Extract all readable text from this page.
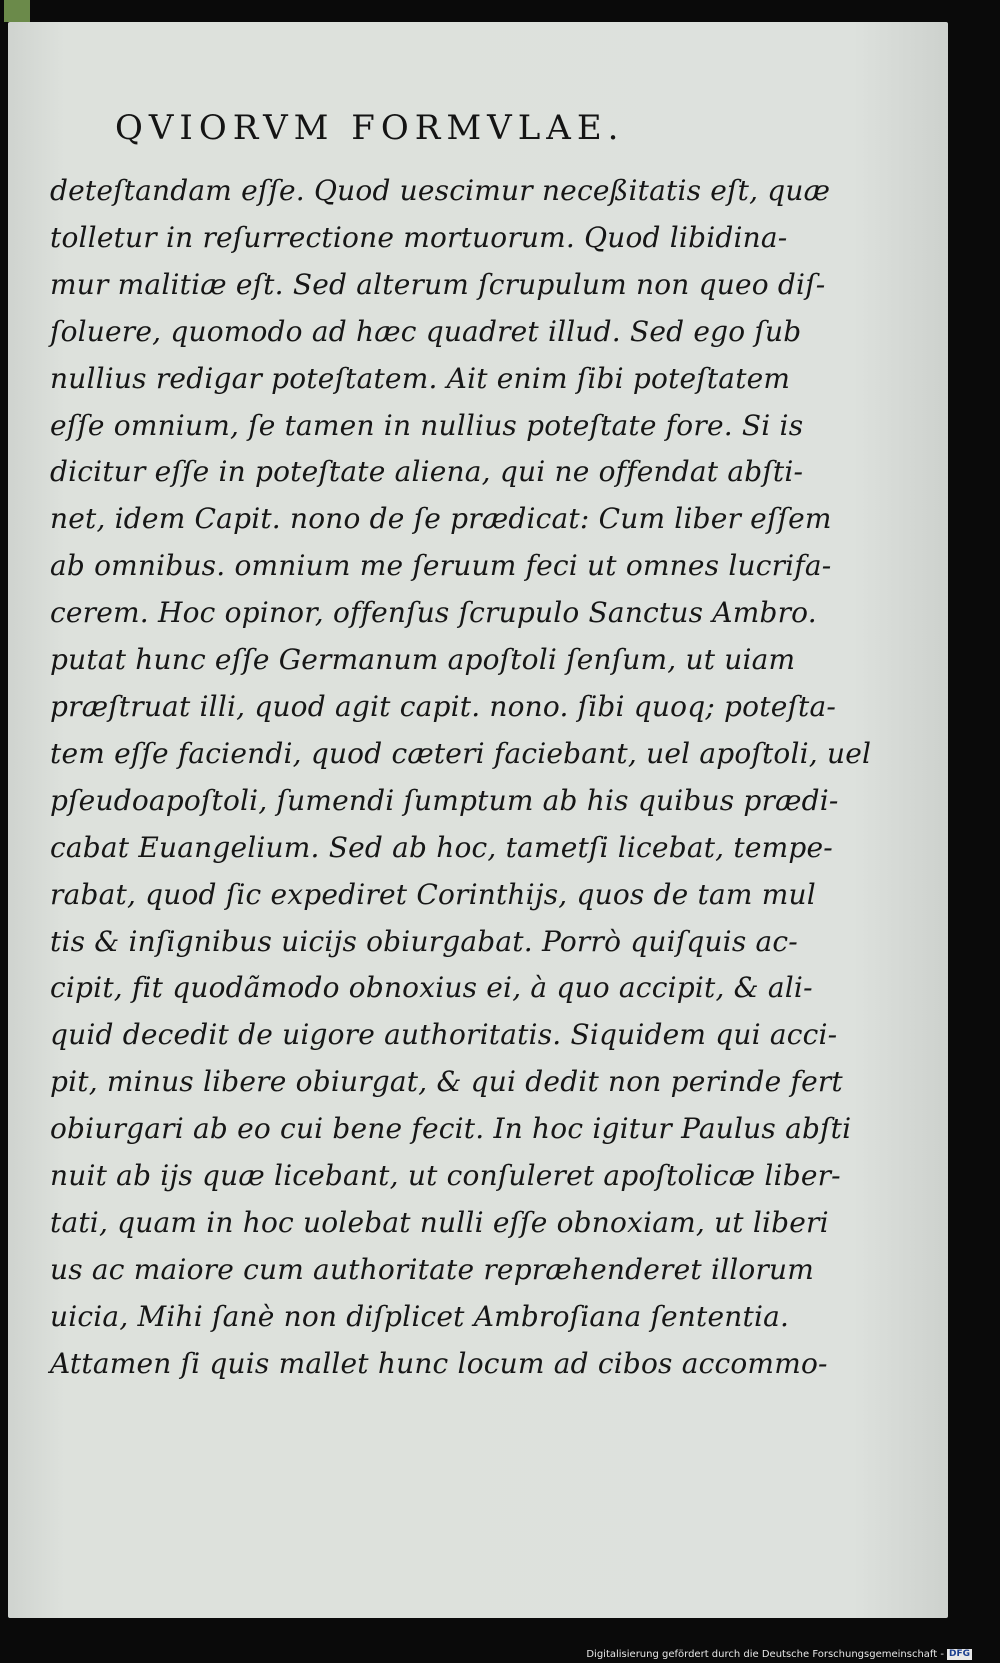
QVIORVM FORMVLAE.
deteſtandam eſſe. Quod uescimur neceßitatis eſt, quæ
tolletur in reſurrectione mortuorum. Quod libidina-
mur malitiæ eſt. Sed alterum ſcrupulum non queo diſ-
ſoluere, quomodo ad hæc quadret illud. Sed ego ſub
nullius redigar poteſtatem. Ait enim ſibi poteſtatem
eſſe omnium, ſe tamen in nullius poteſtate fore. Si is
dicitur eſſe in poteſtate aliena, qui ne offendat abſti-
net, idem Capit. nono de ſe prædicat: Cum liber eſſem
ab omnibus. omnium me ſeruum feci ut omnes lucrifa-
cerem. Hoc opinor, offenſus ſcrupulo Sanctus Ambro.
putat hunc eſſe Germanum apoſtoli ſenſum, ut uiam
præſtruat illi, quod agit capit. nono. ſibi quoq; poteſta-
tem eſſe faciendi, quod cæteri faciebant, uel apoſtoli, uel
pſeudoapoſtoli, ſumendi ſumptum ab his quibus prædi-
cabat Euangelium. Sed ab hoc, tametſi licebat, tempe-
rabat, quod ſic expediret Corinthijs, quos de tam mul
tis & inſignibus uicijs obiurgabat. Porrò quiſquis ac-
cipit, fit quodãmodo obnoxius ei, à quo accipit, & ali-
quid decedit de uigore authoritatis. Siquidem qui acci-
pit, minus libere obiurgat, & qui dedit non perinde fert
obiurgari ab eo cui bene fecit. In hoc igitur Paulus abſti
nuit ab ijs quæ licebant, ut conſuleret apoſtolicæ liber-
tati, quam in hoc uolebat nulli eſſe obnoxiam, ut liberi
us ac maiore cum authoritate repræhenderet illorum
uicia, Mihi ſanè non diſplicet Ambroſiana ſententia.
Attamen ſi quis mallet hunc locum ad cibos accommo-
Digitalisierung gefördert durch die Deutsche Forschungsgemeinschaft - DFG
